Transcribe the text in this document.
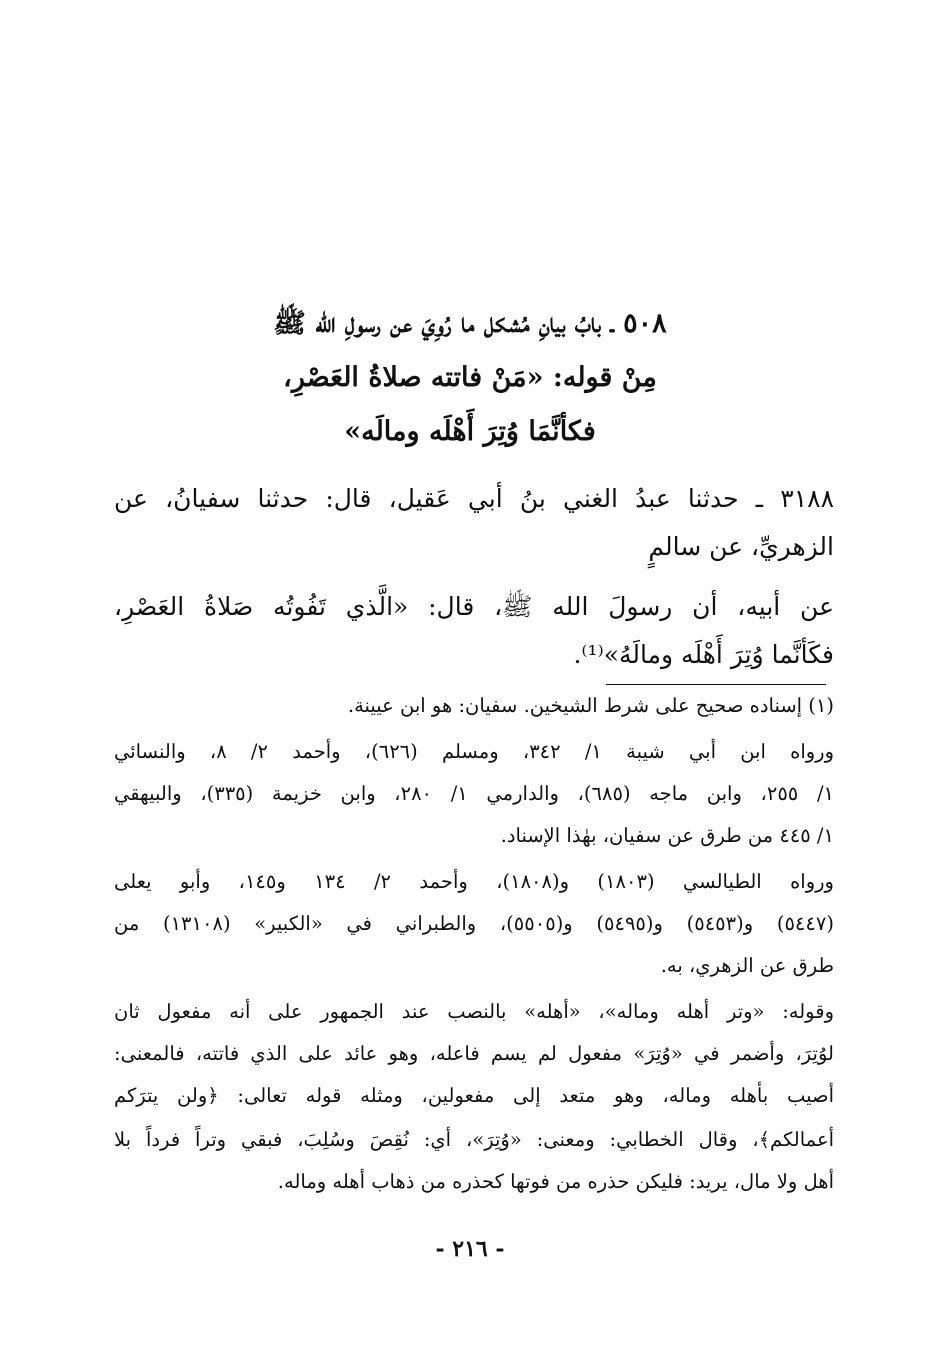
٥٠٨ ـ بابُ بيانِ مُشكل ما رُوِيَ عن رسولِ الله ﷺ
مِنْ قوله: «مَنْ فاتته صلاةُ العَصْرِ،
فكأنَّمَا وُتِرَ أَهْلَه ومالَه»
٣١٨٨ ـ حدثنا عبدُ الغني بنُ أبي عَقيل، قال: حدثنا سفيانُ، عن
الزهريِّ، عن سالمٍ
عن أبيه، أن رسولَ الله ﷺ، قال: «الَّذي تَفُوتُه صَلاةُ العَصْرِ،
فكَأنَّما وُتِرَ أَهْلَه ومالَهُ»⁽¹⁾.
(١) إسناده صحيح على شرط الشيخين. سفيان: هو ابن عيينة.
ورواه ابن أبي شيبة ١/ ٣٤٢، ومسلم (٦٢٦)، وأحمد ٢/ ٨، والنسائي
١/ ٢٥٥، وابن ماجه (٦٨٥)، والدارمي ١/ ٢٨٠، وابن خزيمة (٣٣٥)، والبيهقي
١/ ٤٤٥ من طرق عن سفيان، بهٰذا الإسناد.
ورواه الطيالسي (١٨٠٣) و(١٨٠٨)، وأحمد ٢/ ١٣٤ و١٤٥، وأبو يعلى
(٥٤٤٧) و(٥٤٥٣) و(٥٤٩٥) و(٥٥٠٥)، والطبراني في «الكبير» (١٣١٠٨) من
طرق عن الزهري، به.
وقوله: «وتر أهله وماله»، «أهله» بالنصب عند الجمهور على أنه مفعول ثان
لوُتِرَ، وأضمر في «وُتِرَ» مفعول لم يسم فاعله، وهو عائد على الذي فاتته، فالمعنى:
أصيب بأهله وماله، وهو متعد إلى مفعولين، ومثله قوله تعالى: ﴿ولن يترَكم
أعمالكم﴾، وقال الخطابي: ومعنى: «وُتِرَ»، أي: نُقِصَ وسُلِبَ، فبقي وتراً فرداً بلا
أهل ولا مال، يريد: فليكن حذره من فوتها كحذره من ذهاب أهله وماله.
- ٢١٦ -
